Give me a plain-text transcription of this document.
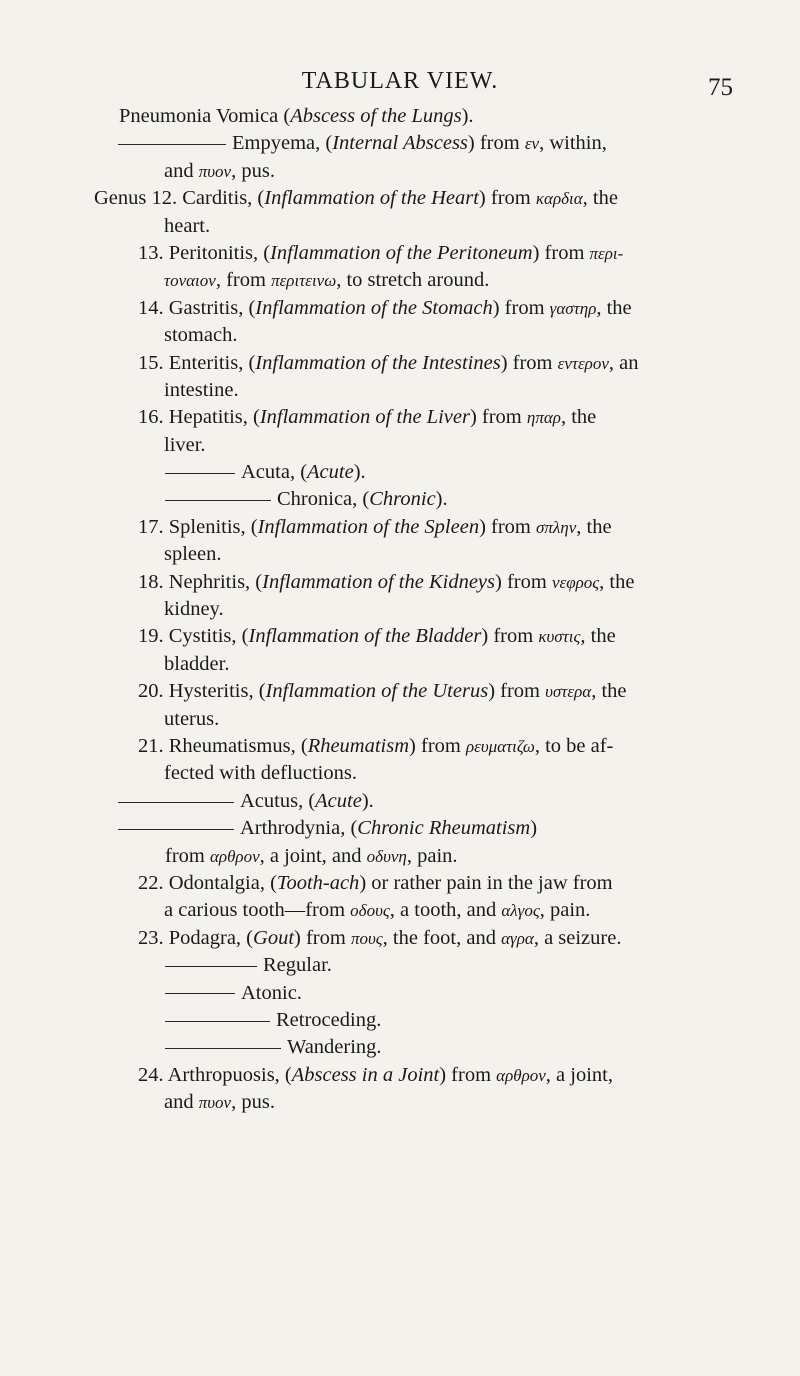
TABULAR VIEW.	75
Pneumonia Vomica (Abscess of the Lungs).
Empyema, (Internal Abscess) from εν, within,
and πυον, pus.
Genus 12. Carditis, (Inflammation of the Heart) from καρδια, the
heart.
13. Peritonitis, (Inflammation of the Peritoneum) from περι-
τοναιον, from περιτεινω, to stretch around.
14. Gastritis, (Inflammation of the Stomach) from γαστηρ, the
stomach.
15. Enteritis, (Inflammation of the Intestines) from εντερον, an
intestine.
16. Hepatitis, (Inflammation of the Liver) from ηπαρ, the
liver.
Acuta, (Acute).
Chronica, (Chronic).
17. Splenitis, (Inflammation of the Spleen) from σπλην, the
spleen.
18. Nephritis, (Inflammation of the Kidneys) from νεφρος, the
kidney.
19. Cystitis, (Inflammation of the Bladder) from κυστις, the
bladder.
20. Hysteritis, (Inflammation of the Uterus) from υστερα, the
uterus.
21. Rheumatismus, (Rheumatism) from ρευματιζω, to be af-
fected with defluctions.
Acutus, (Acute).
Arthrodynia, (Chronic Rheumatism)
from αρθρον, a joint, and οδυνη, pain.
22. Odontalgia, (Tooth-ach) or rather pain in the jaw from
a carious tooth—from οδους, a tooth, and αλγος, pain.
23. Podagra, (Gout) from πους, the foot, and αγρα, a seizure.
Regular.
Atonic.
Retroceding.
Wandering.
24. Arthropuosis, (Abscess in a Joint) from αρθρον, a joint,
and πυον, pus.
